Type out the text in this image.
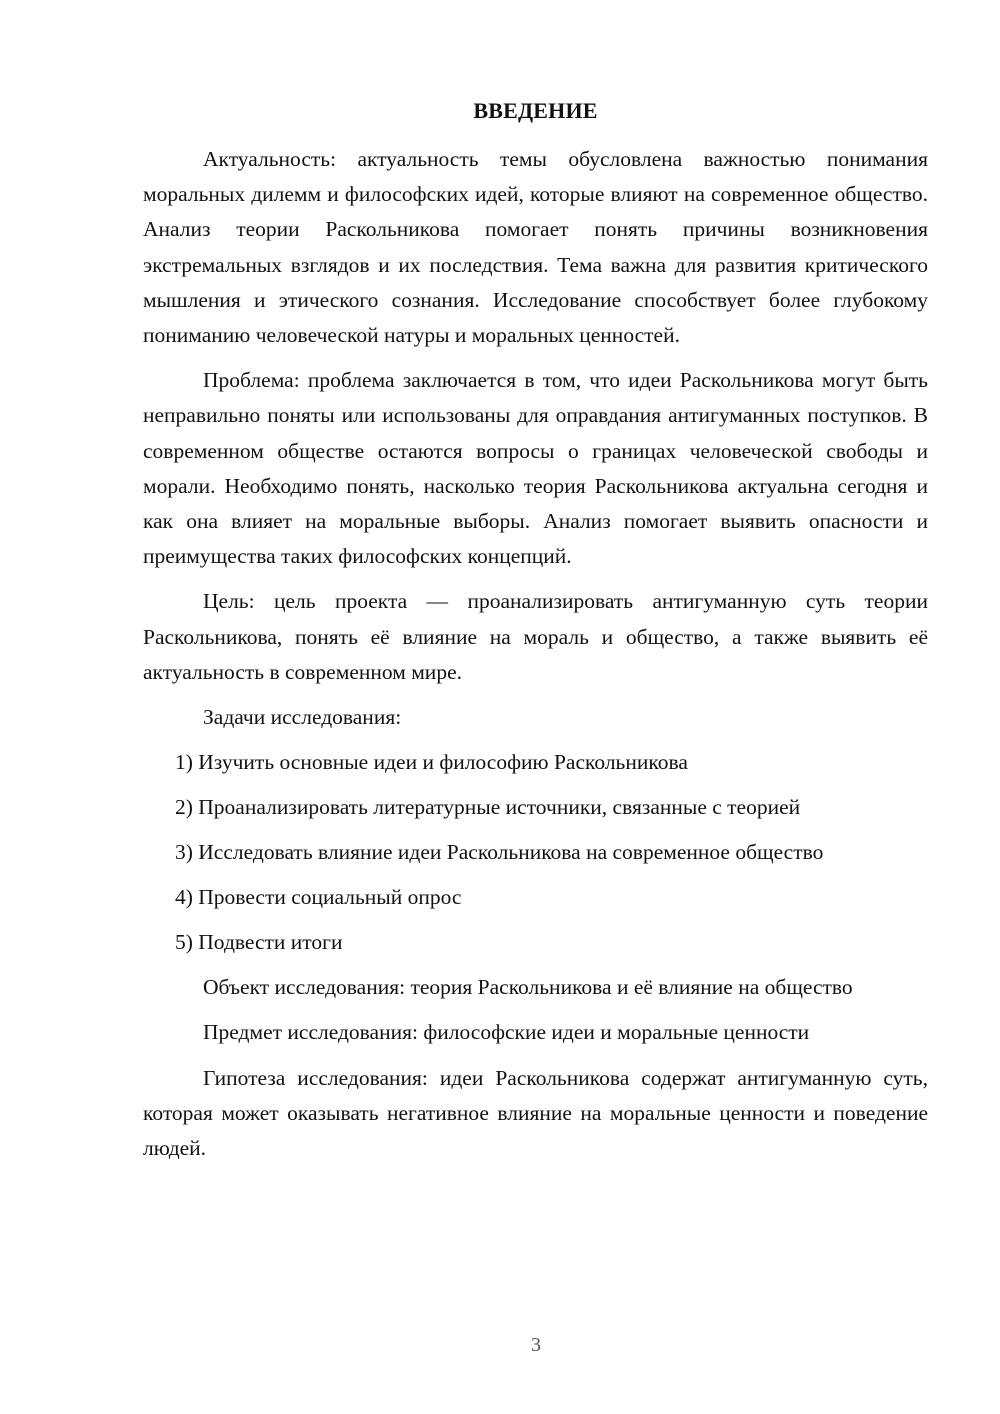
ВВЕДЕНИЕ

Актуальность: актуальность темы обусловлена важностью понимания моральных дилемм и философских идей, которые влияют на современное общество. Анализ теории Раскольникова помогает понять причины возникновения экстремальных взглядов и их последствия. Тема важна для развития критического мышления и этического сознания. Исследование способствует более глубокому пониманию человеческой натуры и моральных ценностей.

Проблема: проблема заключается в том, что идеи Раскольникова могут быть неправильно поняты или использованы для оправдания антигуманных поступков. В современном обществе остаются вопросы о границах человеческой свободы и морали. Необходимо понять, насколько теория Раскольникова актуальна сегодня и как она влияет на моральные выборы. Анализ помогает выявить опасности и преимущества таких философских концепций.

Цель: цель проекта — проанализировать антигуманную суть теории Раскольникова, понять её влияние на мораль и общество, а также выявить её актуальность в современном мире.

Задачи исследования:

1) Изучить основные идеи и философию Раскольникова
2) Проанализировать литературные источники, связанные с теорией
3) Исследовать влияние идеи Раскольникова на современное общество
4) Провести социальный опрос
5) Подвести итоги

Объект исследования: теория Раскольникова и её влияние на общество

Предмет исследования: философские идеи и моральные ценности

Гипотеза исследования: идеи Раскольникова содержат антигуманную суть, которая может оказывать негативное влияние на моральные ценности и поведение людей.

3
